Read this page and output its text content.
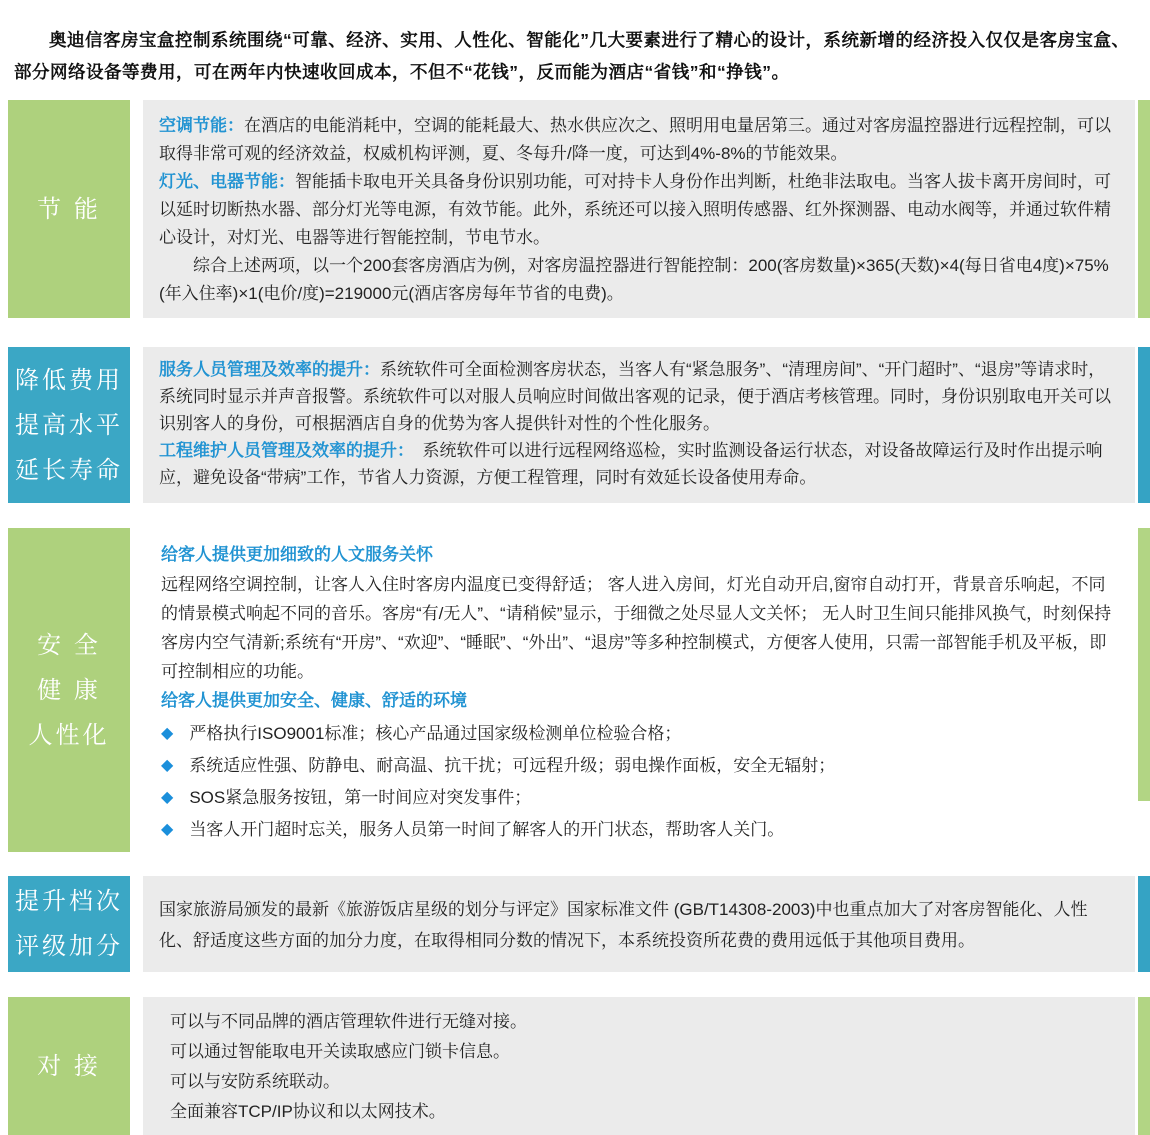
奥迪信客房宝盒控制系统围绕“可靠、经济、实用、人性化、智能化”几大要素进行了精心的设计，系统新增的经济投入仅仅是客房宝盒、部分网络设备等费用，可在两年内快速收回成本，不但不“花钱”，反而能为酒店“省钱”和“挣钱”。

节 能

空调节能：在酒店的电能消耗中，空调的能耗最大、热水供应次之、照明用电量居第三。通过对客房温控器进行远程控制，可以取得非常可观的经济效益，权威机构评测，夏、冬每升/降一度，可达到4%-8%的节能效果。

灯光、电器节能：智能插卡取电开关具备身份识别功能，可对持卡人身份作出判断，杜绝非法取电。当客人拔卡离开房间时，可以延时切断热水器、部分灯光等电源，有效节能。此外，系统还可以接入照明传感器、红外探测器、电动水阀等，并通过软件精心设计，对灯光、电器等进行智能控制，节电节水。

综合上述两项，以一个200套客房酒店为例，对客房温控器进行智能控制：200(客房数量)×365(天数)×4(每日省电4度)×75%(年入住率)×1(电价/度)=219000元(酒店客房每年节省的电费)。

降低费用
提高水平
延长寿命

服务人员管理及效率的提升：系统软件可全面检测客房状态，当客人有“紧急服务”、“清理房间”、“开门超时”、“退房”等请求时，系统同时显示并声音报警。系统软件可以对服人员响应时间做出客观的记录，便于酒店考核管理。同时，身份识别取电开关可以识别客人的身份，可根据酒店自身的优势为客人提供针对性的个性化服务。

工程维护人员管理及效率的提升：　系统软件可以进行远程网络巡检，实时监测设备运行状态，对设备故障运行及时作出提示响应，避免设备“带病”工作，节省人力资源，方便工程管理，同时有效延长设备使用寿命。

安 全
健 康
人性化

给客人提供更加细致的人文服务关怀

远程网络空调控制，让客人入住时客房内温度已变得舒适； 客人进入房间，灯光自动开启,窗帘自动打开，背景音乐响起，不同的情景模式响起不同的音乐。客房“有/无人”、“请稍候”显示，于细微之处尽显人文关怀； 无人时卫生间只能排风换气，时刻保持客房内空气清新;系统有“开房”、“欢迎”、“睡眠”、“外出”、“退房”等多种控制模式，方便客人使用，只需一部智能手机及平板，即可控制相应的功能。

给客人提供更加安全、健康、舒适的环境

◆ 严格执行ISO9001标准；核心产品通过国家级检测单位检验合格；
◆ 系统适应性强、防静电、耐高温、抗干扰；可远程升级；弱电操作面板，安全无辐射；
◆ SOS紧急服务按钮，第一时间应对突发事件；
◆ 当客人开门超时忘关，服务人员第一时间了解客人的开门状态，帮助客人关门。
提升档次
评级加分

国家旅游局颁发的最新《旅游饭店星级的划分与评定》国家标准文件 (GB/T14308-2003)中也重点加大了对客房智能化、人性化、舒适度这些方面的加分力度，在取得相同分数的情况下，本系统投资所花费的费用远低于其他项目费用。

对 接

可以与不同品牌的酒店管理软件进行无缝对接。

可以通过智能取电开关读取感应门锁卡信息。

可以与安防系统联动。

全面兼容TCP/IP协议和以太网技术。
